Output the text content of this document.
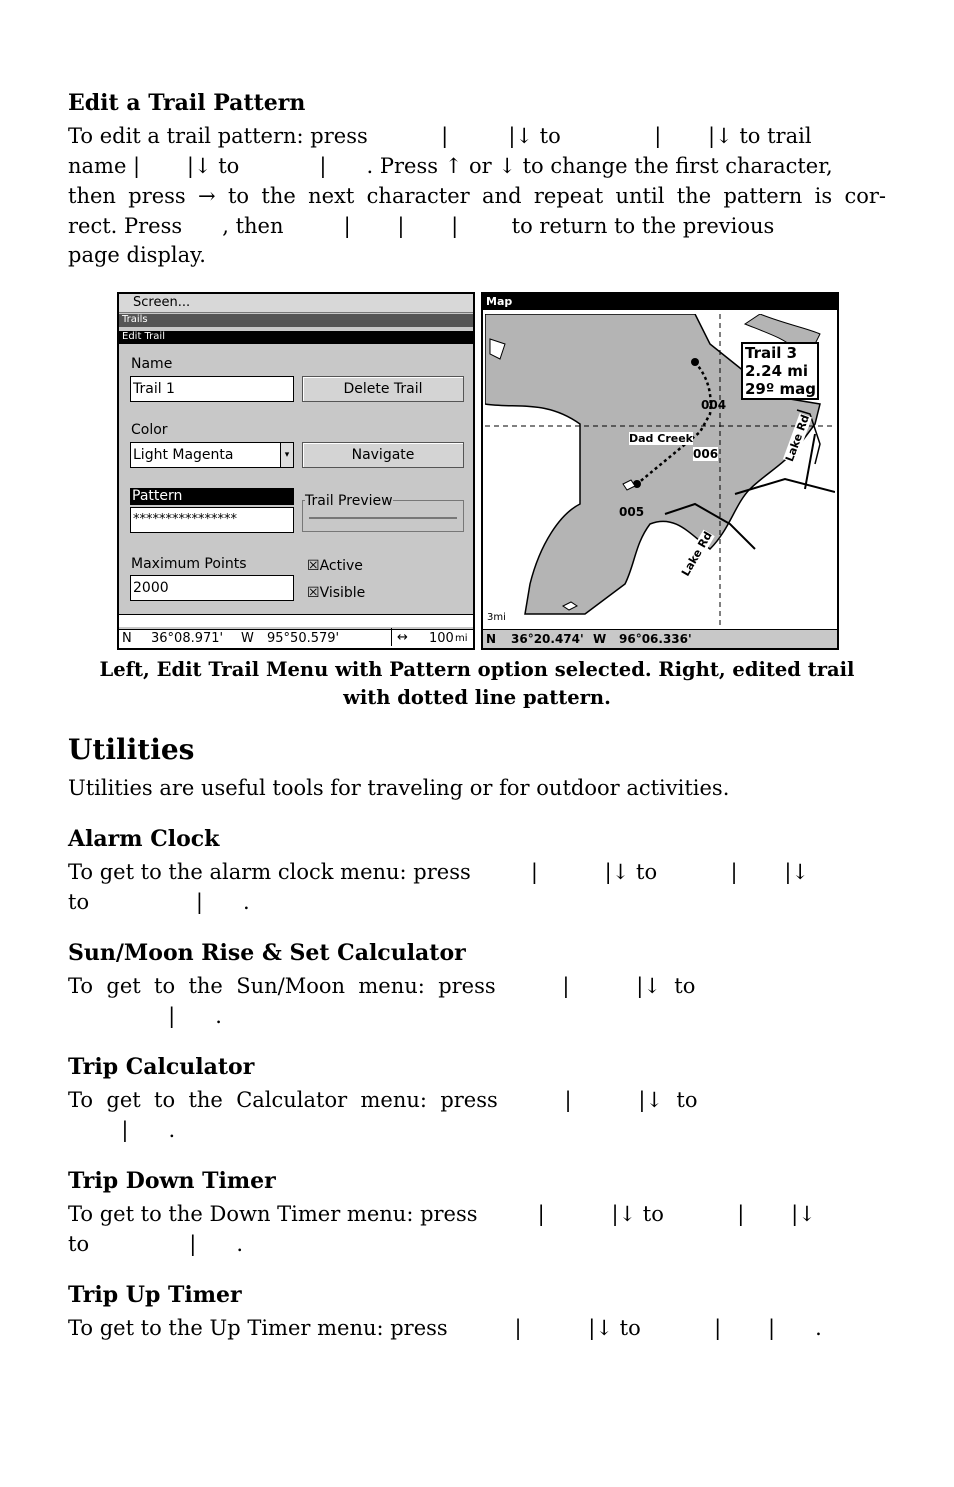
Edit a Trail Pattern
To edit a trail pattern: press           |         |↓ to              |       |↓ to trail
name |       |↓ to            |      . Press ↑ or ↓ to change the first character,
then press → to the next character and repeat until the pattern is cor-
rect. Press      , then         |       |       |        to return to the previous
page display.
Screen...
Trails
Edit Trail
Name
Trail 1	Delete Trail
Color
Light Magenta	▾	Navigate
Pattern
****************
Trail Preview
Maximum Points
2000
☒Active
☒Visible
N 36°08.971' W 95°50.579'	↔ 100 mi
Map
Trail 3
2.24 mi
29º mag
Dad Creek
004
006
005
Lake Rd
Lake Rd
3mi
N 36°20.474' W 96°06.336'
Left, Edit Trail Menu with Pattern option selected. Right, edited trail
with dotted line pattern.
Utilities
Utilities are useful tools for traveling or for outdoor activities.
Alarm Clock
To get to the alarm clock menu: press         |          |↓ to           |       |↓
to                |      .
Sun/Moon Rise & Set Calculator
To  get  to  the  Sun/Moon  menu:  press          |          |↓  to
|      .
Trip Calculator
To  get  to  the  Calculator  menu:  press          |          |↓  to
|      .
Trip Down Timer
To get to the Down Timer menu: press         |          |↓ to           |       |↓
to               |      .
Trip Up Timer
To get to the Up Timer menu: press          |          |↓ to           |       |      .
